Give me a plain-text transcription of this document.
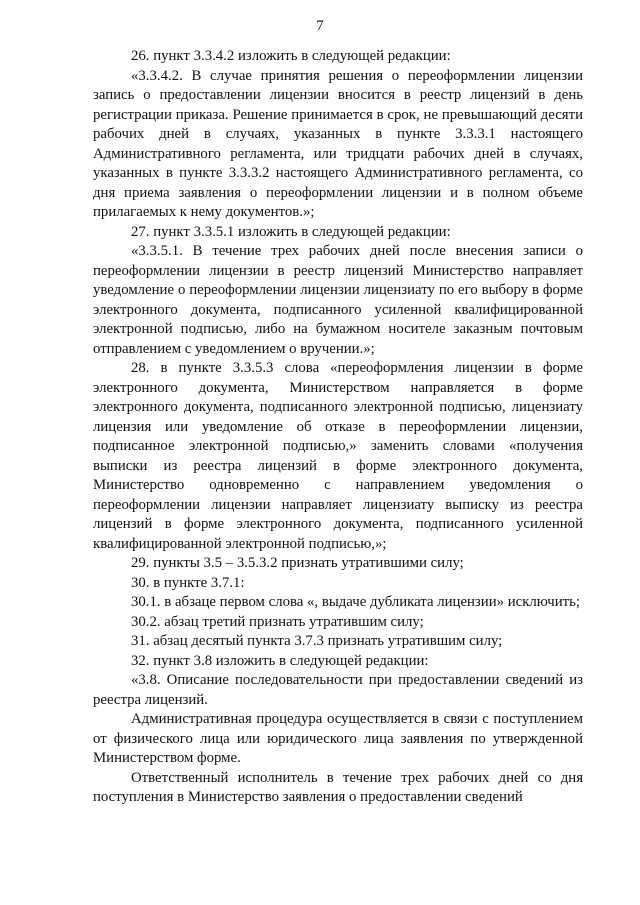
7

26. пункт 3.3.4.2 изложить в следующей редакции:

«3.3.4.2. В случае принятия решения о переоформлении лицензии запись о предоставлении лицензии вносится в реестр лицензий в день регистрации приказа. Решение принимается в срок, не превышающий десяти рабочих дней в случаях, указанных в пункте 3.3.3.1 настоящего Административного регламента, или тридцати рабочих дней в случаях, указанных в пункте 3.3.3.2 настоящего Административного регламента, со дня приема заявления о переоформлении лицензии и в полном объеме прилагаемых к нему документов.»;

27. пункт 3.3.5.1 изложить в следующей редакции:

«3.3.5.1. В течение трех рабочих дней после внесения записи о переоформлении лицензии в реестр лицензий Министерство направляет уведомление о переоформлении лицензии лицензиату по его выбору в форме электронного документа, подписанного усиленной квалифицированной электронной подписью, либо на бумажном носителе заказным почтовым отправлением с уведомлением о вручении.»;

28. в пункте 3.3.5.3 слова «переоформления лицензии в форме электронного документа, Министерством направляется в форме электронного документа, подписанного электронной подписью, лицензиату лицензия или уведомление об отказе в переоформлении лицензии, подписанное электронной подписью,» заменить словами «получения выписки из реестра лицензий в форме электронного документа, Министерство одновременно с направлением уведомления о переоформлении лицензии направляет лицензиату выписку из реестра лицензий в форме электронного документа, подписанного усиленной квалифицированной электронной подписью,»;

29. пункты 3.5 – 3.5.3.2 признать утратившими силу;

30. в пункте 3.7.1:

30.1. в абзаце первом слова «, выдаче дубликата лицензии» исключить;

30.2. абзац третий признать утратившим силу;

31. абзац десятый пункта 3.7.3 признать утратившим силу;

32. пункт 3.8 изложить в следующей редакции:

«3.8. Описание последовательности при предоставлении сведений из реестра лицензий.

Административная процедура осуществляется в связи с поступлением от физического лица или юридического лица заявления по утвержденной Министерством форме.

Ответственный исполнитель в течение трех рабочих дней со дня поступления в Министерство заявления о предоставлении сведений
